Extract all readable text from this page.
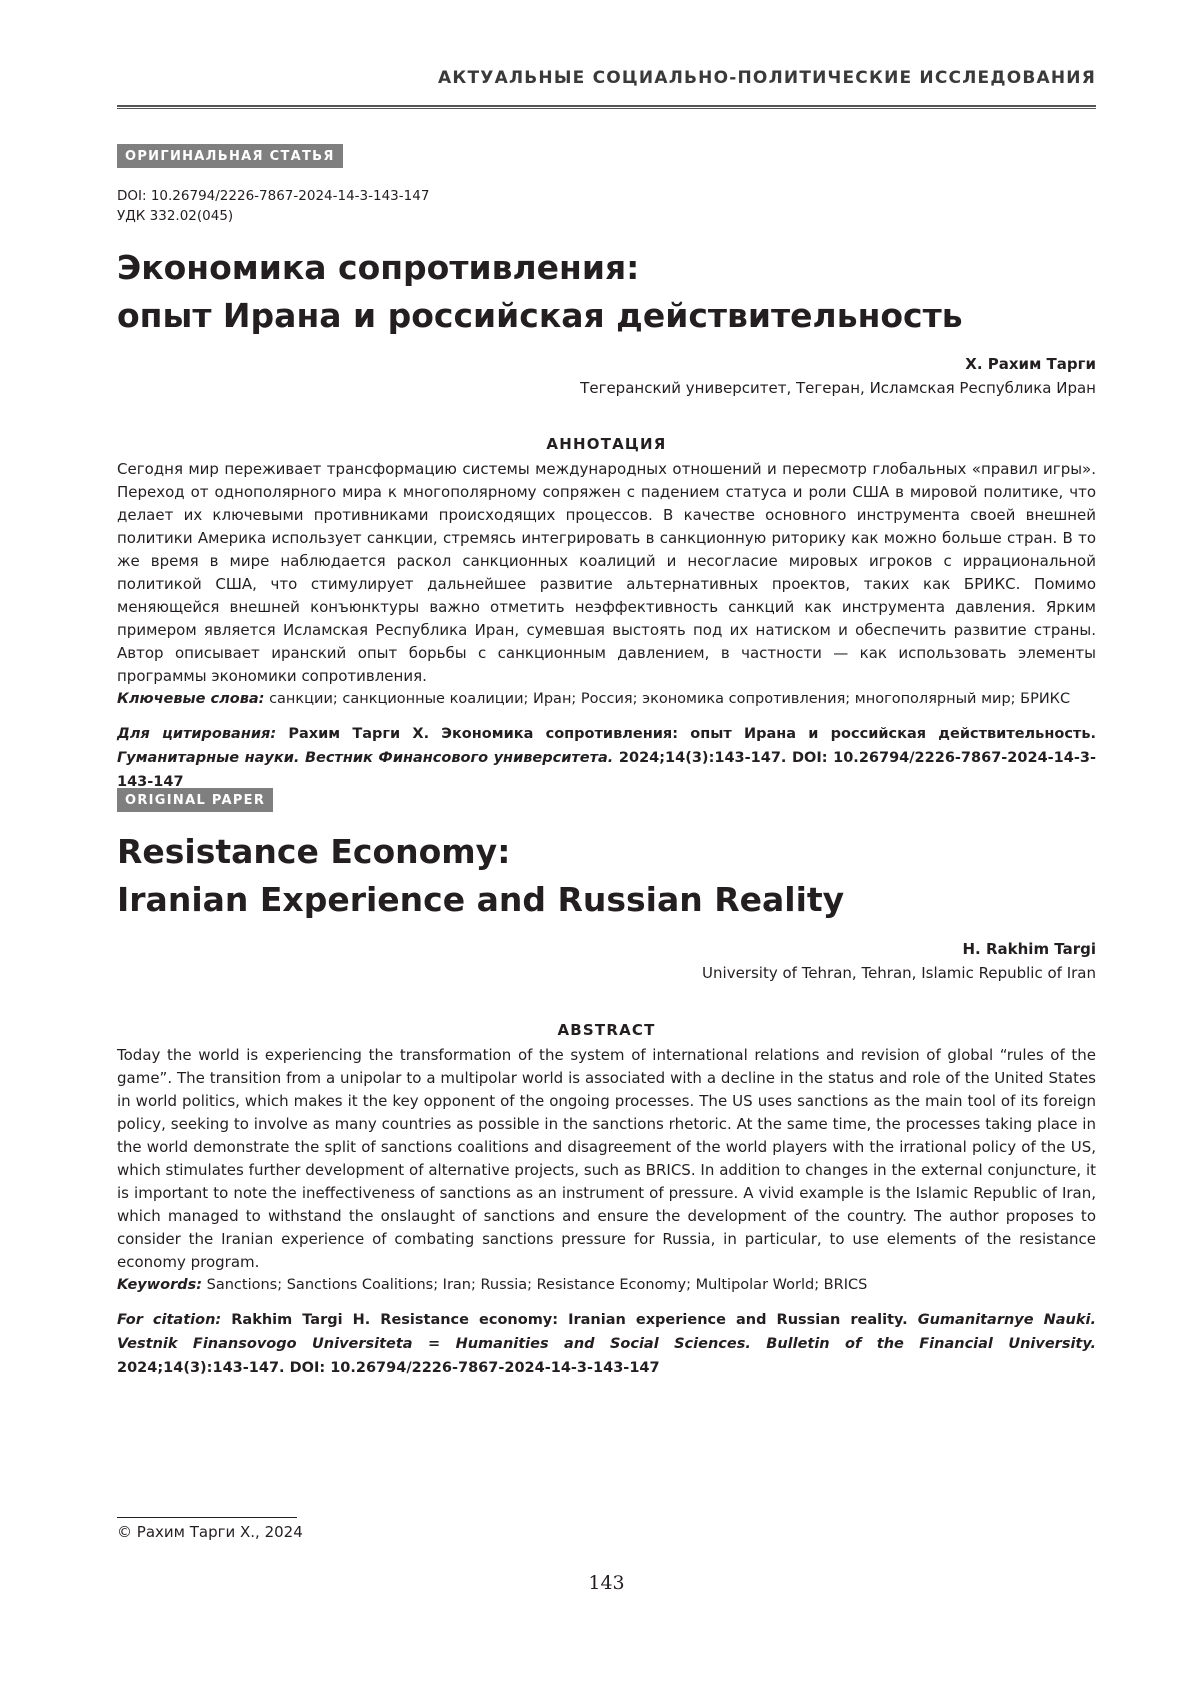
АКТУАЛЬНЫЕ СОЦИАЛЬНО-ПОЛИТИЧЕСКИЕ ИССЛЕДОВАНИЯ
ОРИГИНАЛЬНАЯ СТАТЬЯ
DOI: 10.26794/2226-7867-2024-14-3-143-147
УДК 332.02(045)
Экономика сопротивления:
опыт Ирана и российская действительность
Х. Рахим Тарги
Тегеранский университет, Тегеран, Исламская Республика Иран
АННОТАЦИЯ
Сегодня мир переживает трансформацию системы международных отношений и пересмотр глобальных «правил игры». Переход от однополярного мира к многополярному сопряжен с падением статуса и роли США в мировой политике, что делает их ключевыми противниками происходящих процессов. В качестве основного инструмента своей внешней политики Америка использует санкции, стремясь интегрировать в санкционную риторику как можно больше стран. В то же время в мире наблюдается раскол санкционных коалиций и несогласие мировых игроков с иррациональной политикой США, что стимулирует дальнейшее развитие альтернативных проектов, таких как БРИКС. Помимо меняющейся внешней конъюнктуры важно отметить неэффективность санкций как инструмента давления. Ярким примером является Исламская Республика Иран, сумевшая выстоять под их натиском и обеспечить развитие страны. Автор описывает иранский опыт борьбы с санкционным давлением, в частности — как использовать элементы программы экономики сопротивления.
Ключевые слова: санкции; санкционные коалиции; Иран; Россия; экономика сопротивления; многополярный мир; БРИКС
Для цитирования: Рахим Тарги Х. Экономика сопротивления: опыт Ирана и российская действительность. Гуманитарные науки. Вестник Финансового университета. 2024;14(3):143-147. DOI: 10.26794/2226-7867-2024-14-3-143-147
ORIGINAL PAPER
Resistance Economy:
Iranian Experience and Russian Reality
H. Rakhim Targi
University of Tehran, Tehran, Islamic Republic of Iran
ABSTRACT
Today the world is experiencing the transformation of the system of international relations and revision of global “rules of the game”. The transition from a unipolar to a multipolar world is associated with a decline in the status and role of the United States in world politics, which makes it the key opponent of the ongoing processes. The US uses sanctions as the main tool of its foreign policy, seeking to involve as many countries as possible in the sanctions rhetoric. At the same time, the processes taking place in the world demonstrate the split of sanctions coalitions and disagreement of the world players with the irrational policy of the US, which stimulates further development of alternative projects, such as BRICS. In addition to changes in the external conjuncture, it is important to note the ineffectiveness of sanctions as an instrument of pressure. A vivid example is the Islamic Republic of Iran, which managed to withstand the onslaught of sanctions and ensure the development of the country. The author proposes to consider the Iranian experience of combating sanctions pressure for Russia, in particular, to use elements of the resistance economy program.
Keywords: Sanctions; Sanctions Coalitions; Iran; Russia; Resistance Economy; Multipolar World; BRICS
For citation: Rakhim Targi H. Resistance economy: Iranian experience and Russian reality. Gumanitarnye Nauki. Vestnik Finansovogo Universiteta = Humanities and Social Sciences. Bulletin of the Financial University. 2024;14(3):143-147. DOI: 10.26794/2226-7867-2024-14-3-143-147
© Рахим Тарги Х., 2024
143
